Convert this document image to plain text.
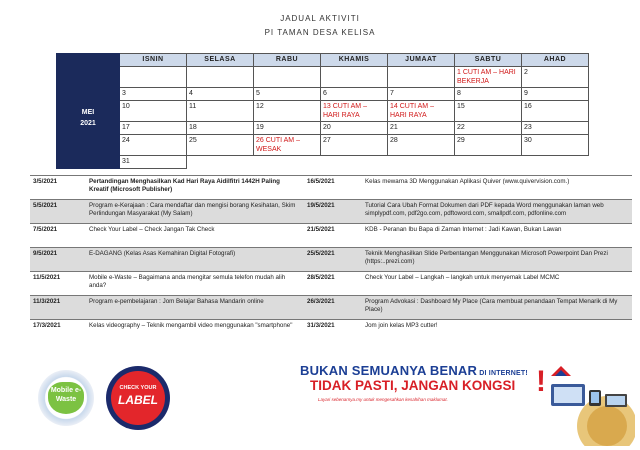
JADUAL AKTIVITI
PI TAMAN DESA KELISA
	ISNIN	SELASA	RABU	KHAMIS	JUMAAT	SABTU	AHAD

MEI
2021						1 CUTI AM – HARI BEKERJA	2
	3	4	5	6	7	8	9
	10	11	12	13 CUTI AM – HARI RAYA	14 CUTI AM – HARI RAYA	15	16
	17	18	19	20	21	22	23
	24	25	26 CUTI AM – WESAK	27	28	29	30
	31						
3/5/2021	Pertandingan Menghasilkan Kad Hari Raya Aidilfitri 1442H Paling Kreatif (Microsoft Publisher)	16/5/2021	Kelas mewarna 3D Menggunakan Aplikasi Quiver (www.quivervision.com.)
5/5/2021	Program e-Kerajaan : Cara mendaftar dan mengisi borang Kesihatan, Skim Perlindungan Masyarakat (My Salam)	19/5/2021	Tutorial Cara Ubah Format Dokumen dari PDF kepada Word menggunakan laman web simplypdf.com, pdf2go.com, pdftoword.com, smallpdf.com, pdfonline.com
7/5/2021	Check Your Label – Check Jangan Tak Check	21/5/2021	KDB - Peranan Ibu Bapa di Zaman Internet : Jadi Kawan, Bukan Lawan
9/5/2021	E-DAGANG (Kelas Asas Kemahiran Digital Fotografi)	25/5/2021	Teknik Menghasilkan Slide Perbentangan Menggunakan Microsoft Powerpoint Dan Prezi (https:..prezi.com)
11/5/2021	Mobile e-Waste – Bagaimana anda mengitar semula telefon mudah alih anda?	28/5/2021	Check Your Label – Langkah – langkah untuk menyemak Label MCMC
11/3/2021	Program e-pembelajaran : Jom Belajar Bahasa Mandarin online	26/3/2021	Program Advokasi : Dashboard My Place (Cara membuat penandaan Tempat Menarik di My Place)
17/3/2021	Kelas videography – Teknik mengambil video menggunakan "smartphone"	31/3/2021	Jom join kelas MP3 cutter!
Mobile e-Waste
CHECK YOUR
LABEL
BUKAN SEMUANYA BENAR DI INTERNET!
TIDAK PASTI, JANGAN KONGSI
Layari sebenarnya.my untuk mengesahkan kesahihan maklumat.
!
